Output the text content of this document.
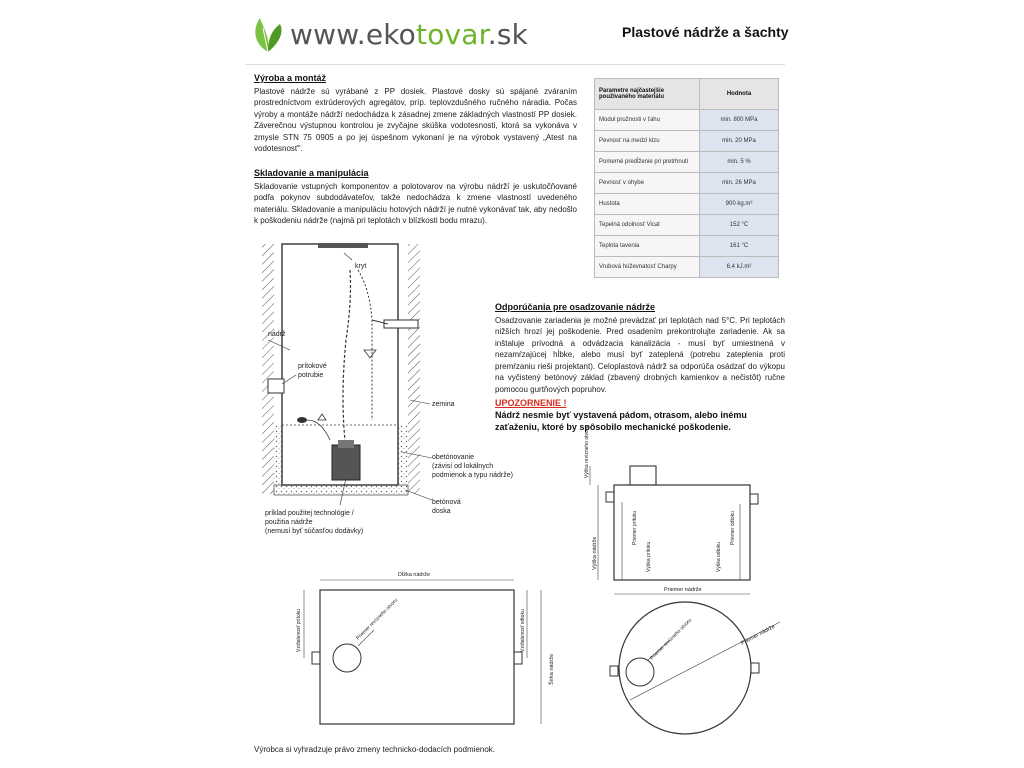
www.ekotovar.sk	Plastové nádrže a šachty
Výroba a montáž

Plastové nádrže sú vyrábané z PP dosiek. Plastové dosky sú spájané zváraním prostredníctvom extrúderových agregátov, príp. teplovzdušného ručného náradia. Počas výroby a montáže nádrží nedochádza k zásadnej zmene základných vlastností PP dosiek. Záverečnou výstupnou kontrolou je zvyčajne skúška vodotesnosti, ktorá sa vykonáva v zmysle STN 75 0905 a po jej úspešnom vykonaní je na výrobok vystavený „Atest na vodotesnosť“.

Skladovanie a manipulácia

Skladovanie vstupných komponentov a polotovarov na výrobu nádrží je uskutočňované podľa pokynov subdodávateľov, takže nedochádza k zmene vlastností uvedeného materiálu. Skladovanie a manipuláciu hotových nádrží je nutné vykonávať tak, aby nedošlo k poškodeniu nádrže (najmä pri teplotách v blízkosti bodu mrazu).

Parametre najčastejšie používaného materiálu	Hodnota
Modul pružnosti v ťahu	min. 800 MPa
Pevnosť na medzi klzu	min. 20 MPa
Pomerné predĺženie pri pretrhnutí	min. 5 %
Pevnosť v ohybe	min. 26 MPa
Hustota	900 kg.m³
Tepelná odolnosť Vicat	152 °C
Teplota tavenia	161 °C
Vrubová húževnatosť Charpy	6,4 kJ.m²
Odporúčania pre osadzovanie nádrže

Osadzovanie zariadenia je možné prevádzať pri teplotách nad 5°C. Pri teplotách nižších hrozí jej poškodenie. Pred osadením prekontrolujte zariadenie. Ak sa inštaluje prívodná a odvádzacia kanalizácia - musí byť umiestnená v nezamŕzajúcej hĺbke, alebo musí byť zateplená (potrebu zateplenia proti premŕzaniu rieši projektant). Celoplastová nádrž sa odporúča osádzať do výkopu na vyčistený betónový základ (zbavený drobných kamienkov a nečistôt) ručne pomocou gurtňových popruhov.

UPOZORNENIE !
Nádrž nesmie byť vystavená pádom, otrasom, alebo inému zaťaženiu, ktoré by spôsobilo mechanické poškodenie.
kryt
nádrž
prítokové
potrubie
zemina
obetónovanie
(závisí od lokálnych
podmienok a typu nádrže)
betónová
doska
príklad použitej technológie /
použitia nádrže
(nemusí byť súčasťou dodávky)
Výška revízneho otvoru
Výška nádrže
Priemer prítoku
Výška prítoku	Výška odtoku
Priemer odtoku
Priemer nádrže
Priemer revízneho otvoru	Priemer nádrže
Dĺžka nádrže
Vzdialenosť prítoku	Vzdialenosť odtoku
Šírka nádrže
Priemer revízneho otvoru
Výrobca si vyhradzuje právo zmeny technicko-dodacích podmienok.
